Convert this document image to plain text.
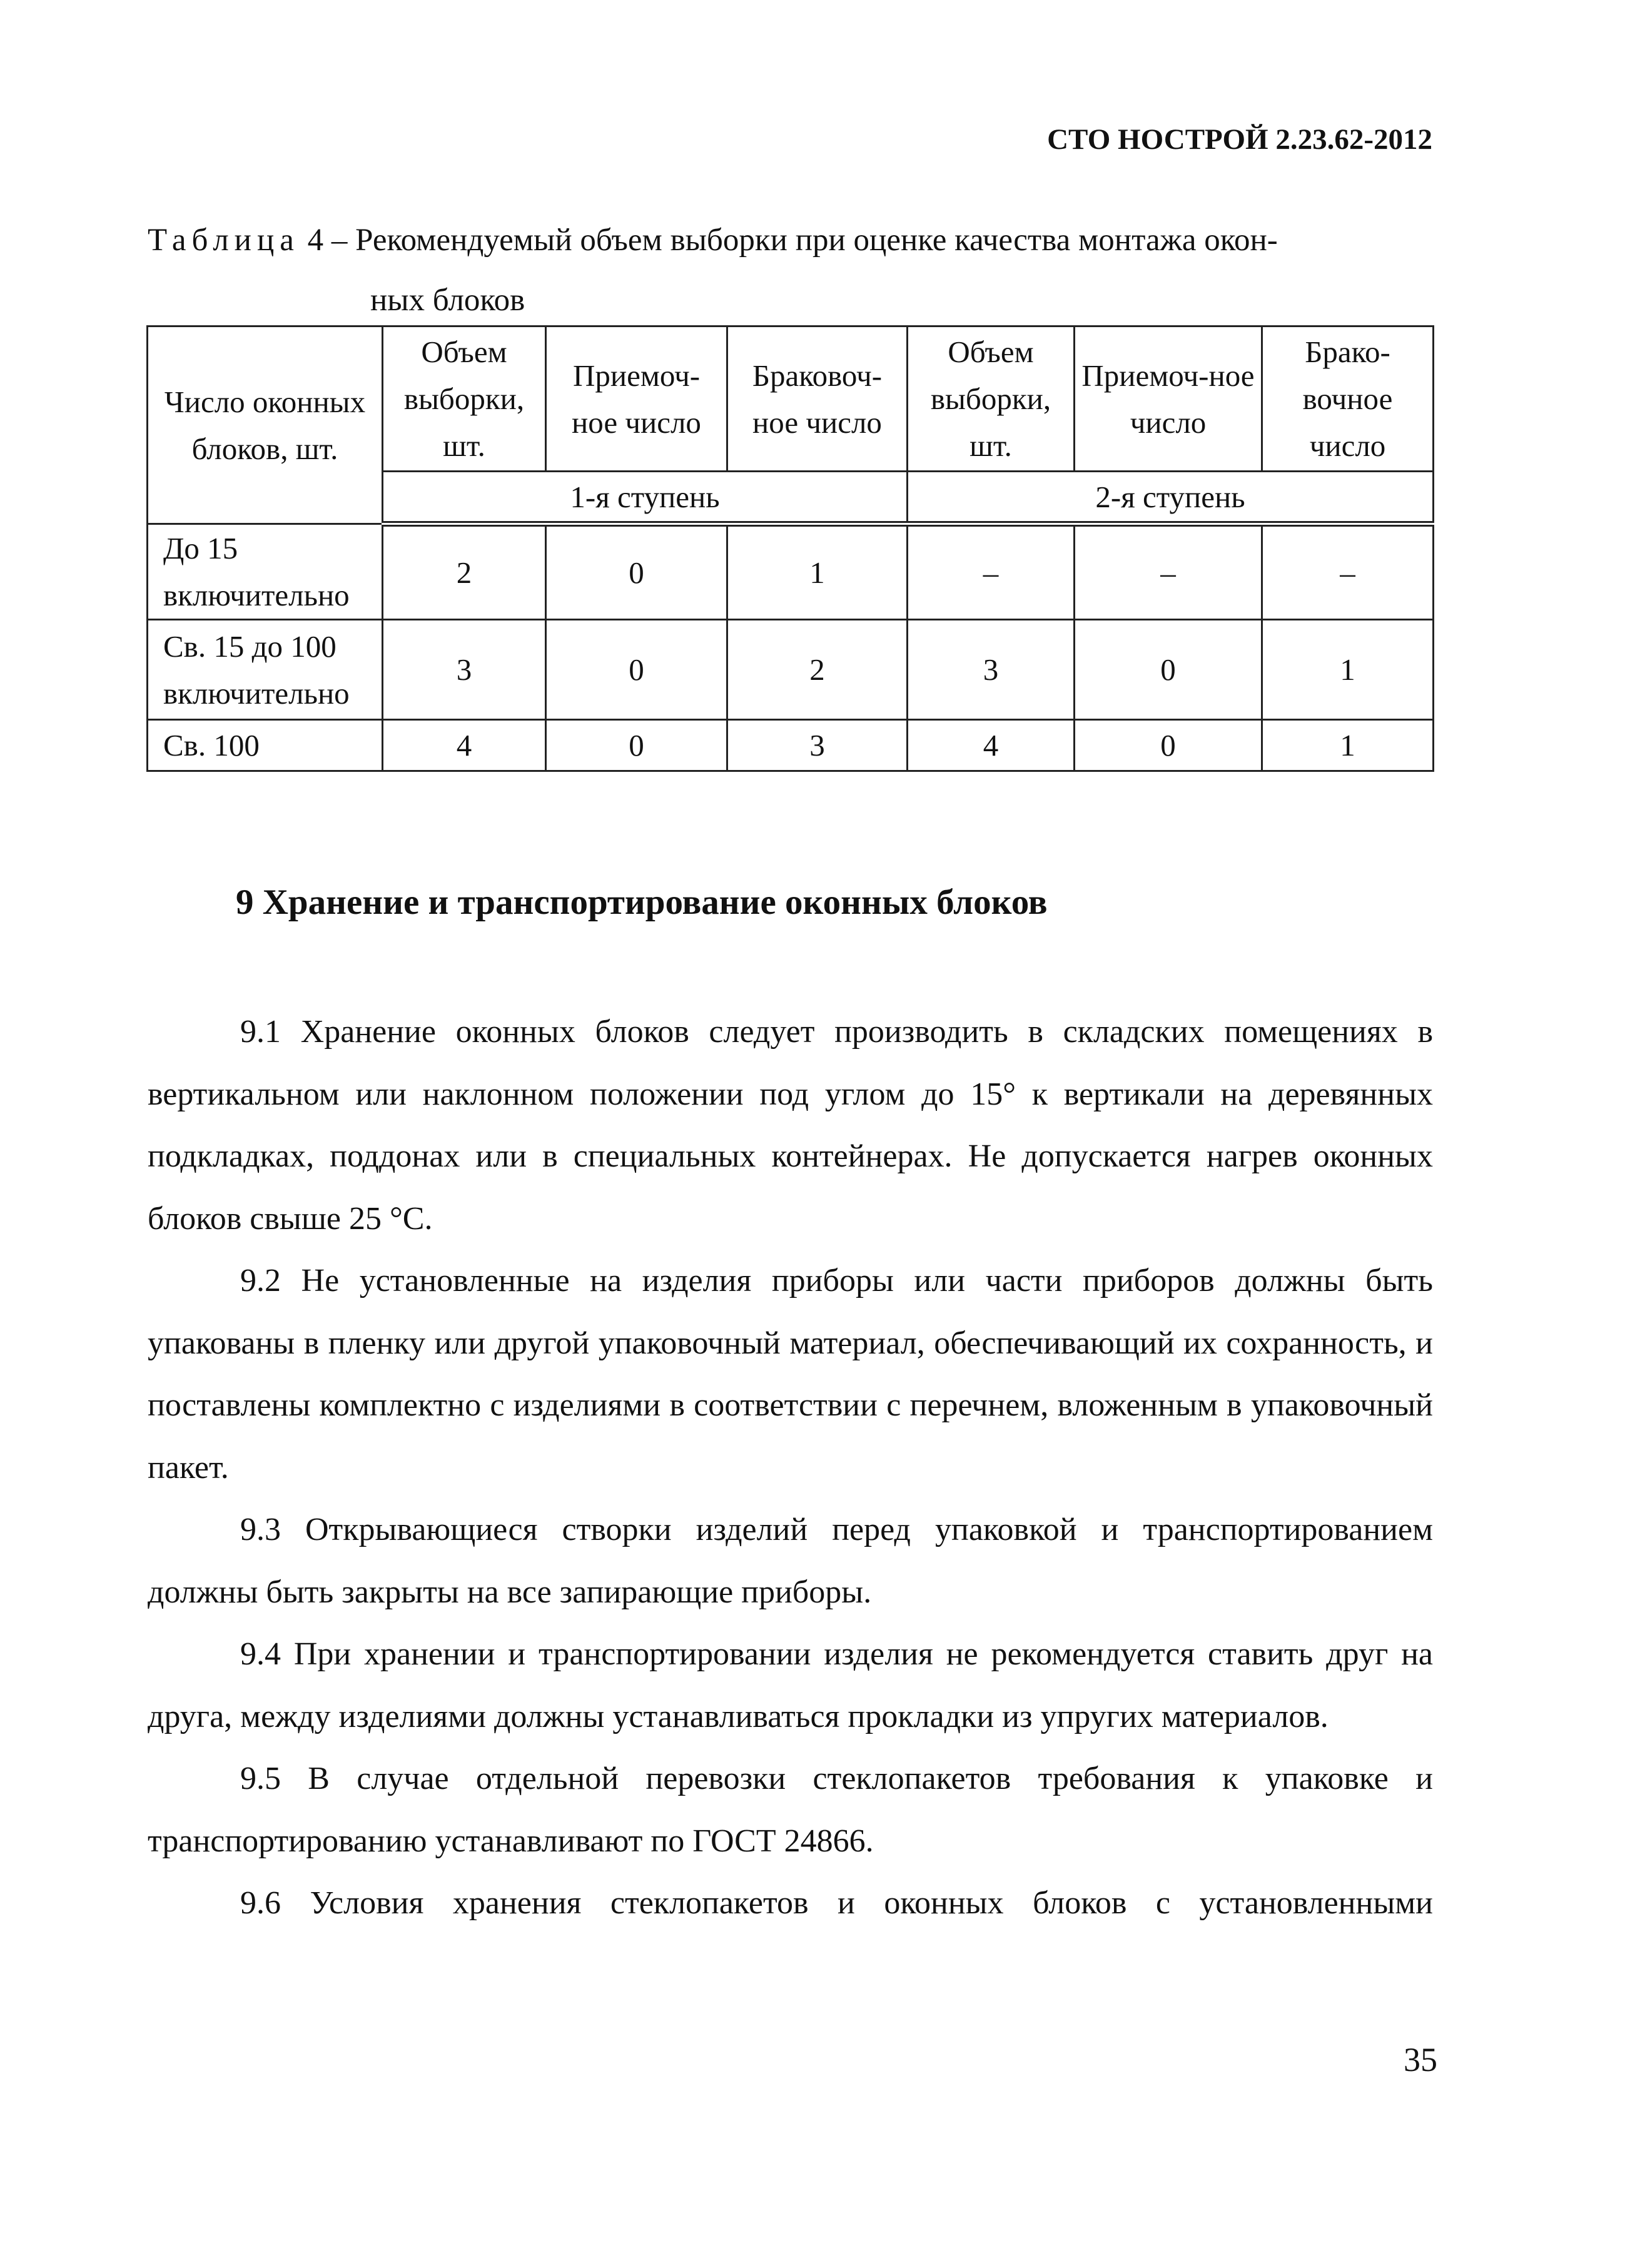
СТО НОСТРОЙ 2.23.62-2012
Таблица 4 – Рекомендуемый объем выборки при оценке качества монтажа окон-
ных блоков
Число оконных блоков, шт.	Объем выборки, шт.	Приемоч-ное число	Браковоч-ное число	Объем выборки, шт.	Приемоч-ное число	Брако-вочное число
	1-я ступень			2-я ступень		
До 15 включительно	2	0	1	–	–	–
Св. 15 до 100 включительно	3	0	2	3	0	1
Св. 100	4	0	3	4	0	1
9 Хранение и транспортирование оконных блоков

9.1 Хранение оконных блоков следует производить в складских помещениях в вертикальном или наклонном положении под углом до 15° к вертикали на деревянных подкладках, поддонах или в специальных контейнерах. Не допускается нагрев оконных блоков свыше 25 °С.

9.2 Не установленные на изделия приборы или части приборов должны быть упакованы в пленку или другой упаковочный материал, обеспечивающий их сохранность, и поставлены комплектно с изделиями в соответствии с перечнем, вложенным в упаковочный пакет.

9.3 Открывающиеся створки изделий перед упаковкой и транспортированием должны быть закрыты на все запирающие приборы.

9.4 При хранении и транспортировании изделия не рекомендуется ставить друг на друга, между изделиями должны устанавливаться прокладки из упругих материалов.

9.5 В случае отдельной перевозки стеклопакетов требования к упаковке и транспортированию устанавливают по ГОСТ 24866.

9.6 Условия хранения стеклопакетов и оконных блоков с установленными

35
